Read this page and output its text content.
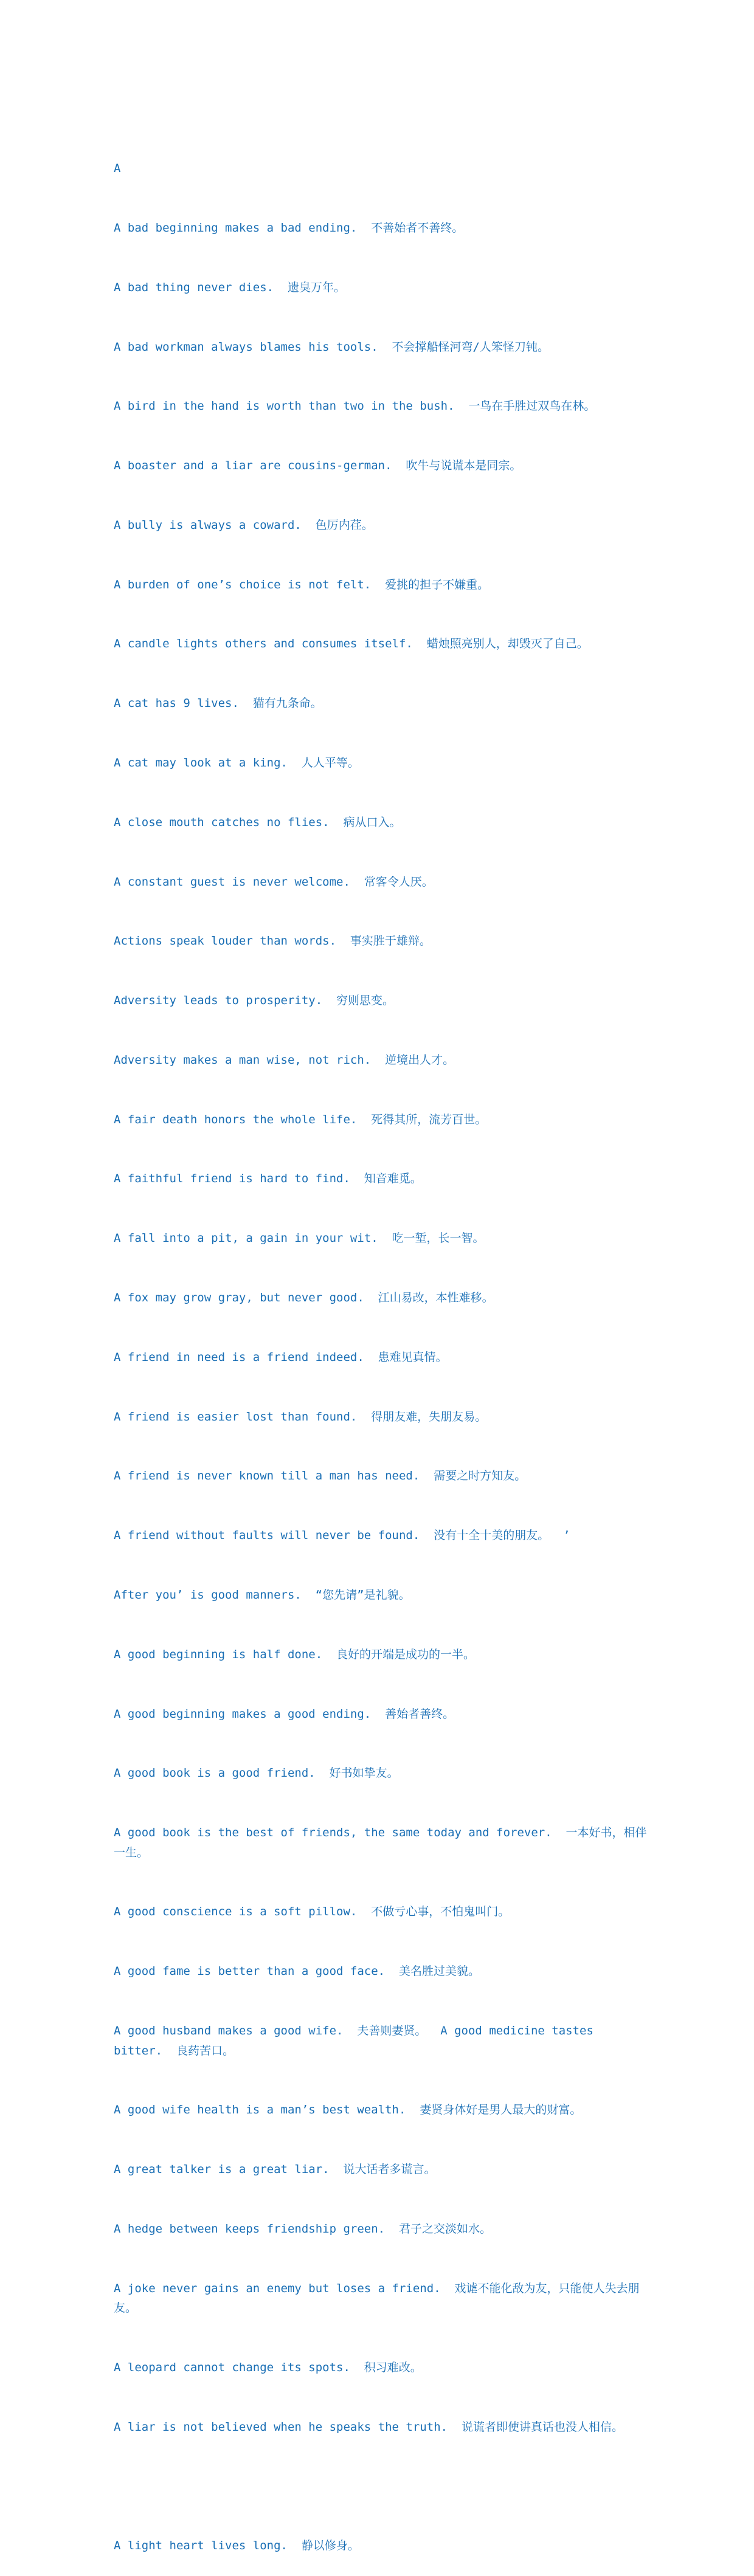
A

A bad beginning makes a bad ending.  不善始者不善终。

A bad thing never dies.  遗臭万年。

A bad workman always blames his tools.  不会撑船怪河弯/人笨怪刀钝。

A bird in the hand is worth than two in the bush.  一鸟在手胜过双鸟在林。

A boaster and a liar are cousins-german.  吹牛与说谎本是同宗。

A bully is always a coward.  色厉内荏。

A burden of one’s choice is not felt.  爱挑的担子不嫌重。

A candle lights others and consumes itself.  蜡烛照亮别人，却毁灭了自己。

A cat has 9 lives.  猫有九条命。

A cat may look at a king.  人人平等。

A close mouth catches no flies.  病从口入。

A constant guest is never welcome.  常客令人厌。

Actions speak louder than words.  事实胜于雄辩。

Adversity leads to prosperity.  穷则思变。

Adversity makes a man wise, not rich.  逆境出人才。

A fair death honors the whole life.  死得其所，流芳百世。

A faithful friend is hard to find.  知音难觅。

A fall into a pit, a gain in your wit.  吃一堑，长一智。

A fox may grow gray, but never good.  江山易改，本性难移。

A friend in need is a friend indeed.  患难见真情。

A friend is easier lost than found.  得朋友难，失朋友易。

A friend is never known till a man has need.  需要之时方知友。

A friend without faults will never be found.  没有十全十美的朋友。  ’

After you’ is good manners.  “您先请”是礼貌。

A good beginning is half done.  良好的开端是成功的一半。

A good beginning makes a good ending.  善始者善终。

A good book is a good friend.  好书如挚友。

A good book is the best of friends, the same today and forever.  一本好书，相伴一生。

A good conscience is a soft pillow.  不做亏心事，不怕鬼叫门。

A good fame is better than a good face.  美名胜过美貌。

A good husband makes a good wife.  夫善则妻贤。  A good medicine tastes bitter.  良药苦口。

A good wife health is a man’s best wealth.  妻贤身体好是男人最大的财富。

A great talker is a great liar.  说大话者多谎言。

A hedge between keeps friendship green.  君子之交淡如水。

A joke never gains an enemy but loses a friend.  戏谑不能化敌为友，只能使人失去朋友。

A leopard cannot change its spots.  积习难改。

A liar is not believed when he speaks the truth.  说谎者即使讲真话也没人相信。

A light heart lives long.  静以修身。
